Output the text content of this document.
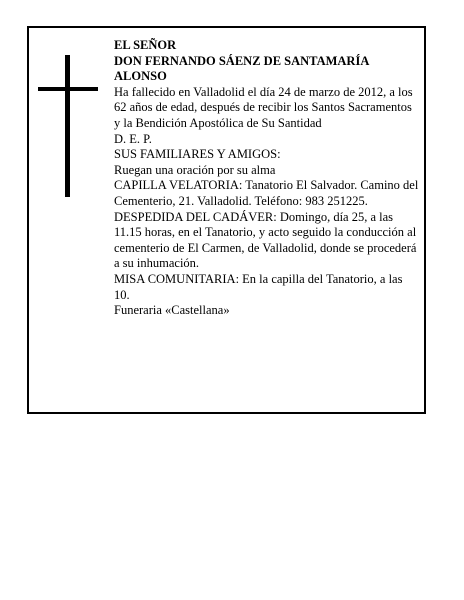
EL SEÑOR

DON FERNANDO SÁENZ DE SANTAMARÍA

ALONSO

Ha fallecido en Valladolid el día 24 de marzo de 2012, a los 62 años de edad, después de recibir los Santos Sacramentos y la Bendición Apostólica de Su Santidad

D. E. P.

SUS FAMILIARES Y AMIGOS:

Ruegan una oración por su alma

CAPILLA VELATORIA: Tanatorio El Salvador. Camino del Cementerio, 21. Valladolid. Teléfono: 983 251225.

DESPEDIDA DEL CADÁVER: Domingo, día 25, a las 11.15 horas, en el Tanatorio, y acto seguido la conducción al cementerio de El Carmen, de Valladolid, donde se procederá a su inhumación.

MISA COMUNITARIA: En la capilla del Tanatorio, a las 10.

Funeraria «Castellana»
